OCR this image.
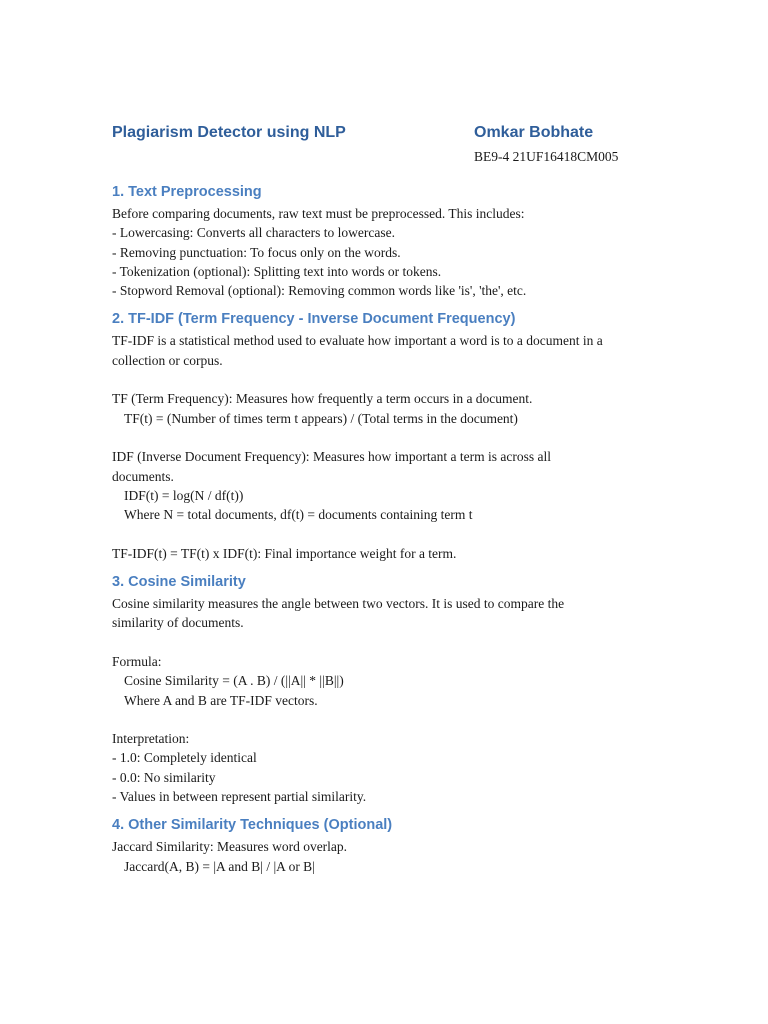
Plagiarism Detector using NLP	Omkar Bobhate
BE9-4 21UF16418CM005
1. Text Preprocessing
Before comparing documents, raw text must be preprocessed. This includes:
- Lowercasing: Converts all characters to lowercase.
- Removing punctuation: To focus only on the words.
- Tokenization (optional): Splitting text into words or tokens.
- Stopword Removal (optional): Removing common words like 'is', 'the', etc.
2. TF-IDF (Term Frequency - Inverse Document Frequency)
TF-IDF is a statistical method used to evaluate how important a word is to a document in a
collection or corpus.
TF (Term Frequency): Measures how frequently a term occurs in a document.
TF(t) = (Number of times term t appears) / (Total terms in the document)
IDF (Inverse Document Frequency): Measures how important a term is across all
documents.
IDF(t) = log(N / df(t))
Where N = total documents, df(t) = documents containing term t
TF-IDF(t) = TF(t) x IDF(t): Final importance weight for a term.
3. Cosine Similarity
Cosine similarity measures the angle between two vectors. It is used to compare the
similarity of documents.
Formula:
Cosine Similarity = (A . B) / (||A|| * ||B||)
Where A and B are TF-IDF vectors.
Interpretation:
- 1.0: Completely identical
- 0.0: No similarity
- Values in between represent partial similarity.
4. Other Similarity Techniques (Optional)
Jaccard Similarity: Measures word overlap.
Jaccard(A, B) = |A and B| / |A or B|
